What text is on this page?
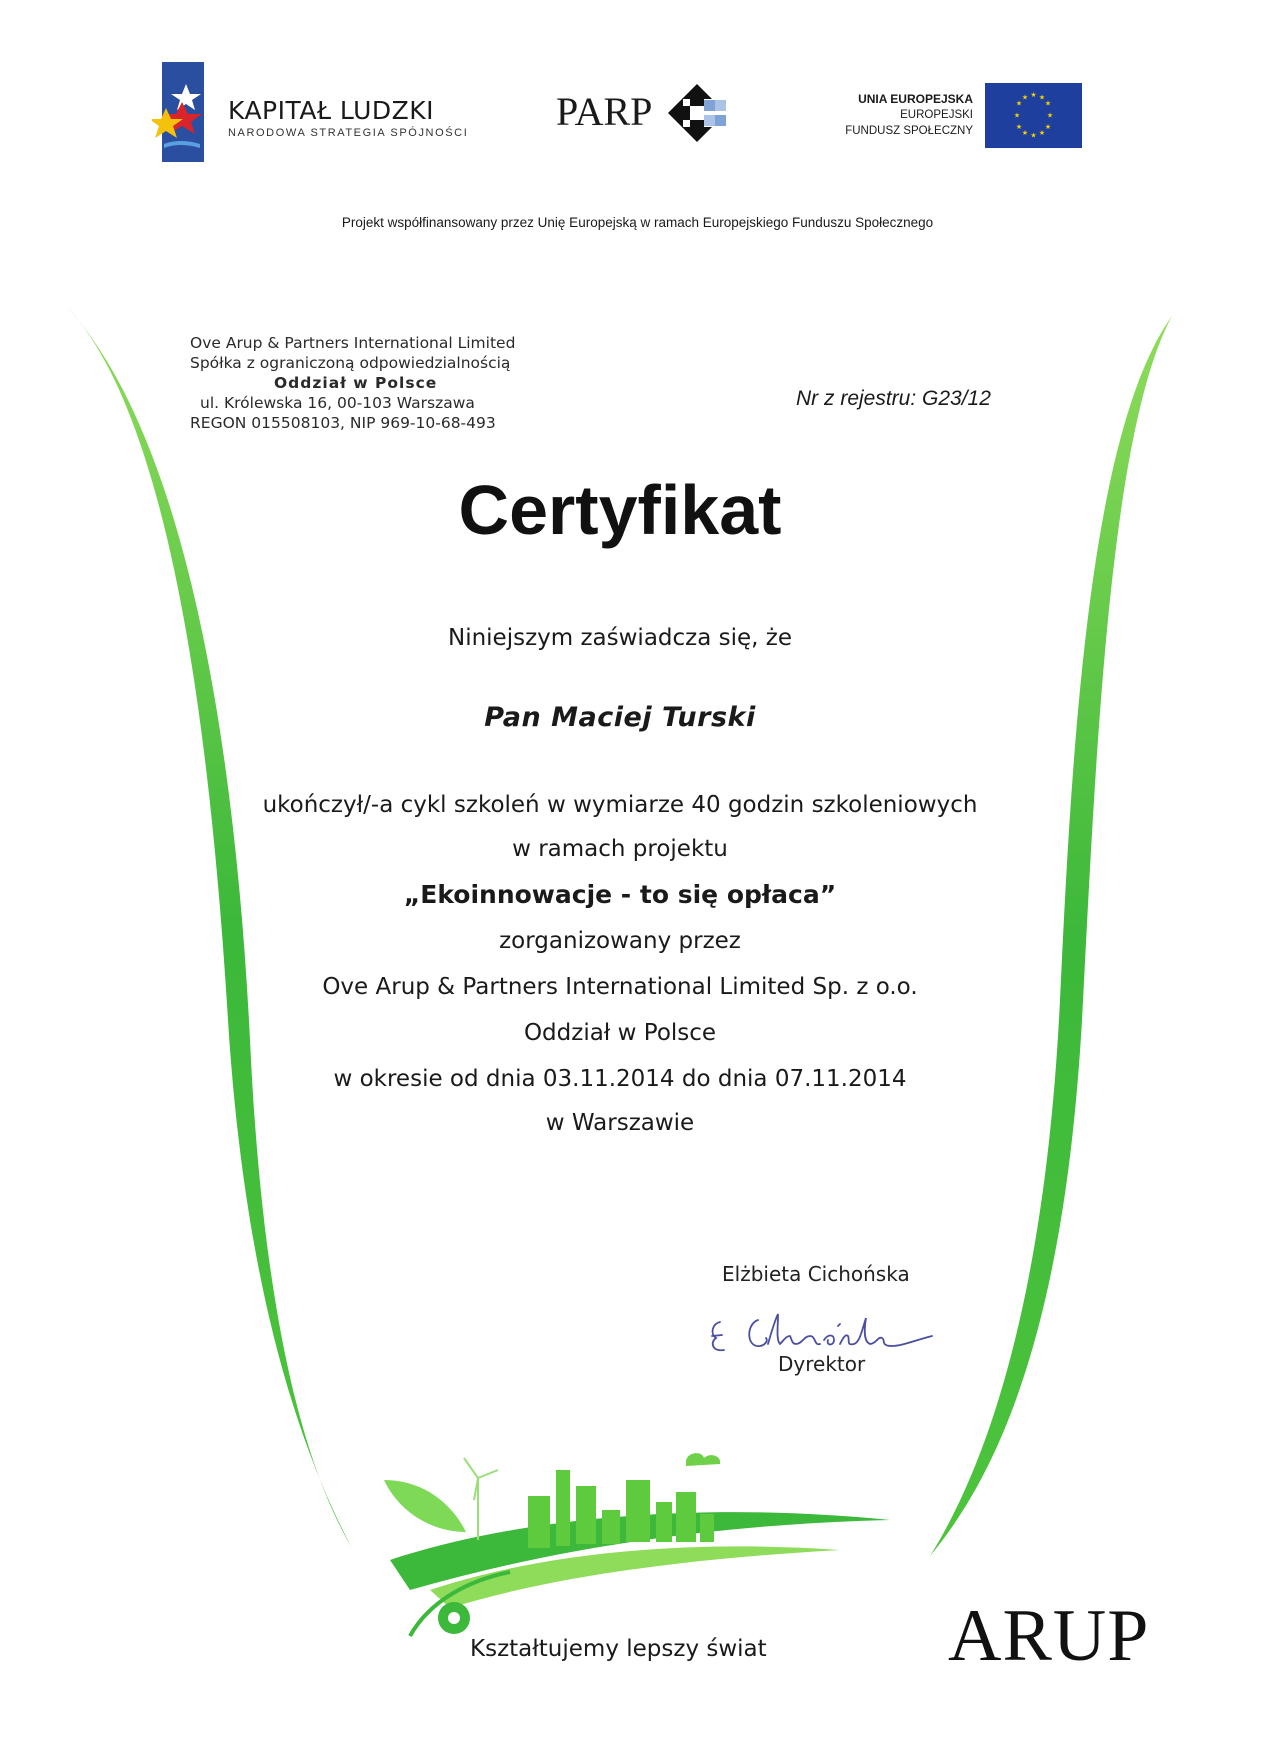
KAPITAŁ LUDZKI
NARODOWA STRATEGIA SPÓJNOŚCI PARP	UNIA EUROPEJSKA
EUROPEJSKI
FUNDUSZ SPOŁECZNY
★ ★
★
★
★
★
★
★
★
★
★
★
Projekt współfinansowany przez Unię Europejską w ramach Europejskiego Funduszu Społecznego
Ove Arup & Partners International Limited
Spółka z ograniczoną odpowiedzialnością
Oddział w Polsce
ul. Królewska 16, 00-103 Warszawa
REGON 015508103, NIP 969-10-68-493
Nr z rejestru: G23/12
Certyfikat
Niniejszym zaświadcza się, że
Pan Maciej Turski
ukończył/-a cykl szkoleń w wymiarze 40 godzin szkoleniowych
w ramach projektu
„Ekoinnowacje - to się opłaca”
zorganizowany przez
Ove Arup & Partners International Limited Sp. z o.o.
Oddział w Polsce
w okresie od dnia 03.11.2014 do dnia 07.11.2014
w Warszawie
Elżbieta Cichońska
Dyrektor
Kształtujemy lepszy świat ARUP
